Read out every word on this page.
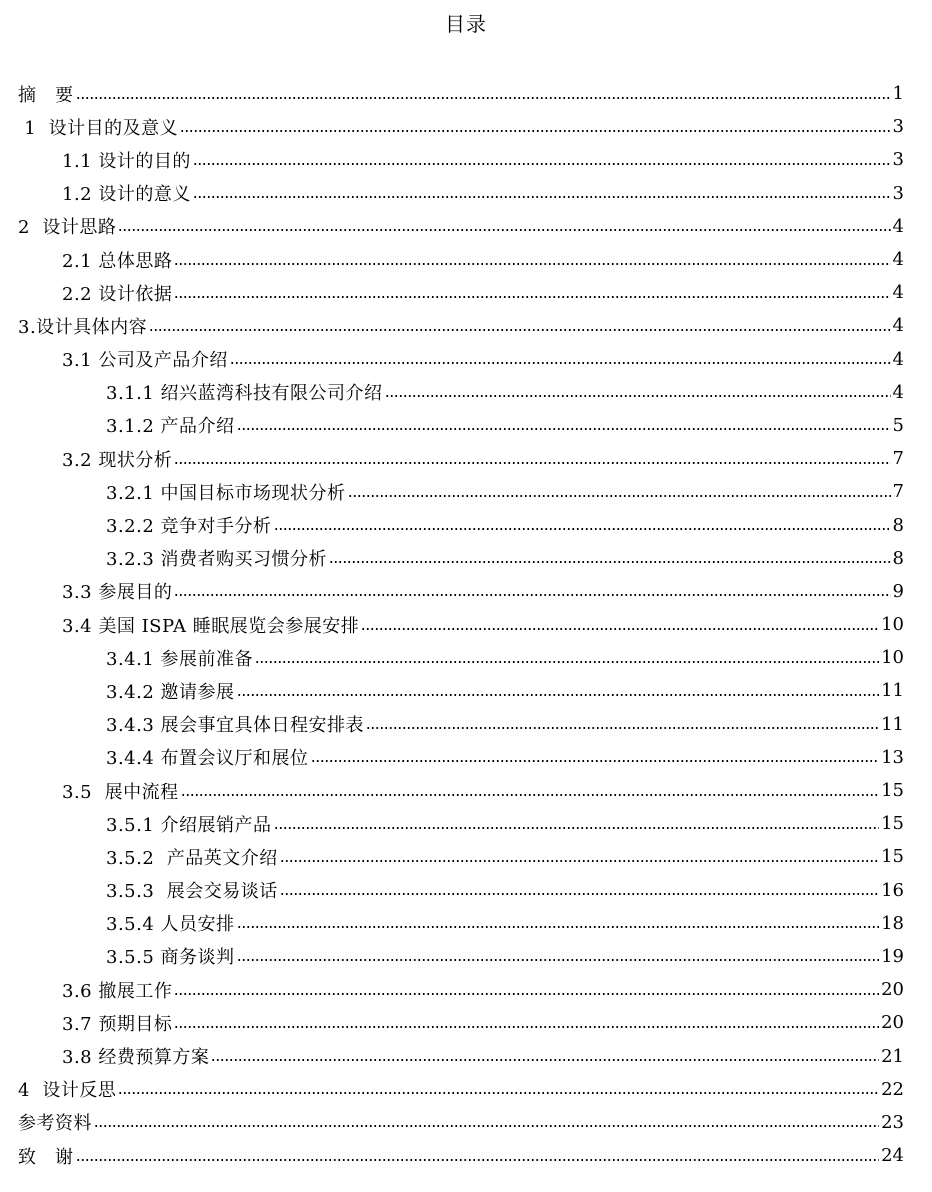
目录
摘　要	1
1  设计目的及意义	3
1.1 设计的目的	3
1.2 设计的意义	3
2  设计思路	4
2.1 总体思路	4
2.2 设计依据	4
3.设计具体内容	4
3.1 公司及产品介绍	4
3.1.1 绍兴蓝湾科技有限公司介绍	4
3.1.2 产品介绍	5
3.2 现状分析	7
3.2.1 中国目标市场现状分析	7
3.2.2 竞争对手分析	8
3.2.3 消费者购买习惯分析	8
3.3 参展目的	9
3.4 美国 ISPA 睡眠展览会参展安排	10
3.4.1 参展前准备	10
3.4.2 邀请参展	11
3.4.3 展会事宜具体日程安排表	11
3.4.4 布置会议厅和展位	13
3.5  展中流程	15
3.5.1 介绍展销产品	15
3.5.2  产品英文介绍	15
3.5.3  展会交易谈话	16
3.5.4 人员安排	18
3.5.5 商务谈判	19
3.6 撤展工作	20
3.7 预期目标	20
3.8 经费预算方案	21
4  设计反思	22
参考资料	23
致　谢	24
